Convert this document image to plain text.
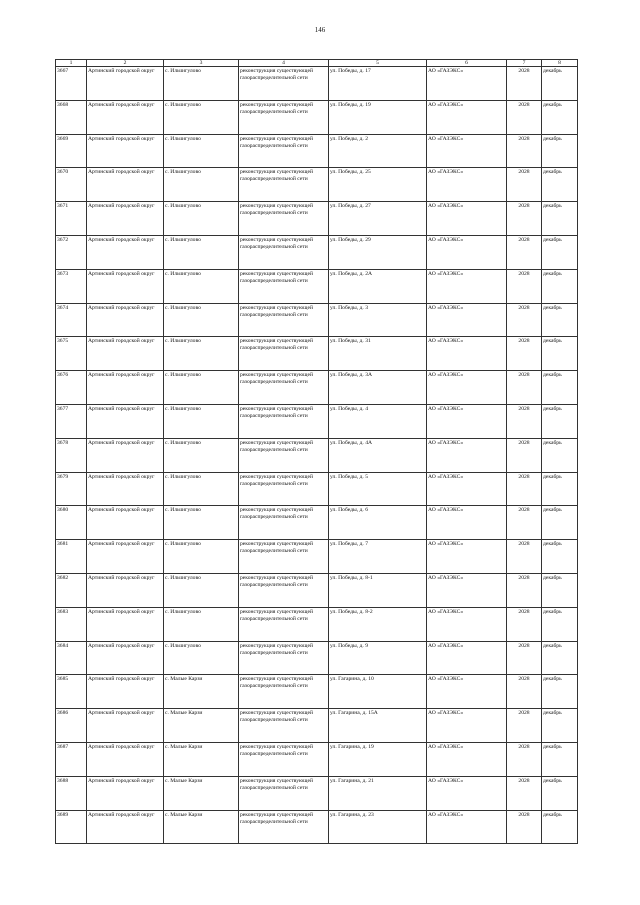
146
1	2	3	4	5	6	7	8
3667	Артинский городской округ	с. Ильчигулово	реконструкция существующей газораспределительной сети	ул. Победы, д. 17	АО «ГАЗЭКС»	2028	декабрь
3668	Артинский городской округ	с. Ильчигулово	реконструкция существующей газораспределительной сети	ул. Победы, д. 19	АО «ГАЗЭКС»	2028	декабрь
3669	Артинский городской округ	с. Ильчигулово	реконструкция существующей газораспределительной сети	ул. Победы, д. 2	АО «ГАЗЭКС»	2028	декабрь
3670	Артинский городской округ	с. Ильчигулово	реконструкция существующей газораспределительной сети	ул. Победы, д. 25	АО «ГАЗЭКС»	2028	декабрь
3671	Артинский городской округ	с. Ильчигулово	реконструкция существующей газораспределительной сети	ул. Победы, д. 27	АО «ГАЗЭКС»	2028	декабрь
3672	Артинский городской округ	с. Ильчигулово	реконструкция существующей газораспределительной сети	ул. Победы, д. 29	АО «ГАЗЭКС»	2028	декабрь
3673	Артинский городской округ	с. Ильчигулово	реконструкция существующей газораспределительной сети	ул. Победы, д. 2А	АО «ГАЗЭКС»	2028	декабрь
3674	Артинский городской округ	с. Ильчигулово	реконструкция существующей газораспределительной сети	ул. Победы, д. 3	АО «ГАЗЭКС»	2028	декабрь
3675	Артинский городской округ	с. Ильчигулово	реконструкция существующей газораспределительной сети	ул. Победы, д. 31	АО «ГАЗЭКС»	2028	декабрь
3676	Артинский городской округ	с. Ильчигулово	реконструкция существующей газораспределительной сети	ул. Победы, д. 3А	АО «ГАЗЭКС»	2028	декабрь
3677	Артинский городской округ	с. Ильчигулово	реконструкция существующей газораспределительной сети	ул. Победы, д. 4	АО «ГАЗЭКС»	2028	декабрь
3678	Артинский городской округ	с. Ильчигулово	реконструкция существующей газораспределительной сети	ул. Победы, д. 4А	АО «ГАЗЭКС»	2028	декабрь
3679	Артинский городской округ	с. Ильчигулово	реконструкция существующей газораспределительной сети	ул. Победы, д. 5	АО «ГАЗЭКС»	2028	декабрь
3680	Артинский городской округ	с. Ильчигулово	реконструкция существующей газораспределительной сети	ул. Победы, д. 6	АО «ГАЗЭКС»	2028	декабрь
3681	Артинский городской округ	с. Ильчигулово	реконструкция существующей газораспределительной сети	ул. Победы, д. 7	АО «ГАЗЭКС»	2028	декабрь
3682	Артинский городской округ	с. Ильчигулово	реконструкция существующей газораспределительной сети	ул. Победы, д. 8-1	АО «ГАЗЭКС»	2028	декабрь
3683	Артинский городской округ	с. Ильчигулово	реконструкция существующей газораспределительной сети	ул. Победы, д. 8-2	АО «ГАЗЭКС»	2028	декабрь
3684	Артинский городской округ	с. Ильчигулово	реконструкция существующей газораспределительной сети	ул. Победы, д. 9	АО «ГАЗЭКС»	2028	декабрь
3685	Артинский городской округ	с. Малые Карзи	реконструкция существующей газораспределительной сети	ул. Гагарина, д. 10	АО «ГАЗЭКС»	2028	декабрь
3686	Артинский городской округ	с. Малые Карзи	реконструкция существующей газораспределительной сети	ул. Гагарина, д. 15А	АО «ГАЗЭКС»	2028	декабрь
3687	Артинский городской округ	с. Малые Карзи	реконструкция существующей газораспределительной сети	ул. Гагарина, д. 19	АО «ГАЗЭКС»	2028	декабрь
3688	Артинский городской округ	с. Малые Карзи	реконструкция существующей газораспределительной сети	ул. Гагарина, д. 21	АО «ГАЗЭКС»	2028	декабрь
3689	Артинский городской округ	с. Малые Карзи	реконструкция существующей газораспределительной сети	ул. Гагарина, д. 23	АО «ГАЗЭКС»	2028	декабрь
